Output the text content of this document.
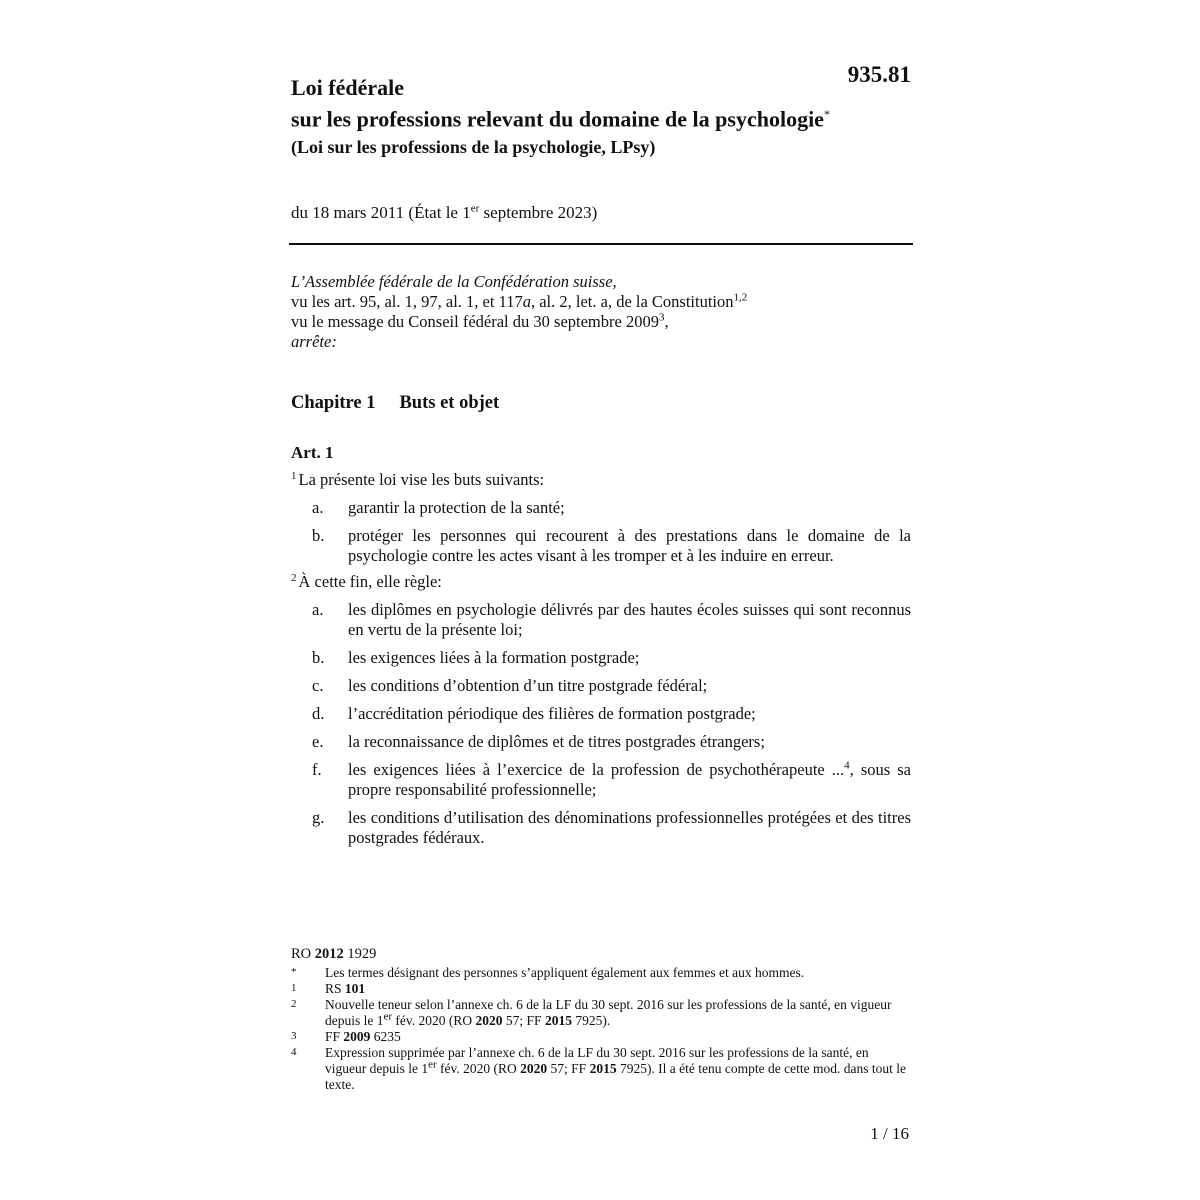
935.81
Loi fédérale
sur les professions relevant du domaine de la psychologie*
(Loi sur les professions de la psychologie, LPsy)
du 18 mars 2011 (État le 1er septembre 2023)
L’Assemblée fédérale de la Confédération suisse,
vu les art. 95, al. 1, 97, al. 1, et 117a, al. 2, let. a, de la Constitution$^{1,2}$
vu le message du Conseil fédéral du 30 septembre 2009$^3$,
arrête:
Chapitre 1 Buts et objet
Art. 1
$^1$ La présente loi vise les buts suivants:
a.	garantir la protection de la santé;
b.	protéger les personnes qui recourent à des prestations dans le domaine de la psychologie contre les actes visant à les tromper et à les induire en erreur.
$^2$ À cette fin, elle règle:
a.	les diplômes en psychologie délivrés par des hautes écoles suisses qui sont reconnus en vertu de la présente loi;
b.	les exigences liées à la formation postgrade;
c.	les conditions d’obtention d’un titre postgrade fédéral;
d.	l’accréditation périodique des filières de formation postgrade;
e.	la reconnaissance de diplômes et de titres postgrades étrangers;
f.	les exigences liées à l’exercice de la profession de psychothérapeute ...$^4$, sous sa propre responsabilité professionnelle;
g.	les conditions d’utilisation des dénominations professionnelles protégées et des titres postgrades fédéraux.
RO 2012 1929
*	Les termes désignant des personnes s’appliquent également aux femmes et aux hommes.
1	RS 101
2	Nouvelle teneur selon l’annexe ch. 6 de la LF du 30 sept. 2016 sur les professions de la santé, en vigueur depuis le 1er fév. 2020 (RO 2020 57; FF 2015 7925).
3	FF 2009 6235
4	Expression supprimée par l’annexe ch. 6 de la LF du 30 sept. 2016 sur les professions de la santé, en vigueur depuis le 1er fév. 2020 (RO 2020 57; FF 2015 7925). Il a été tenu compte de cette mod. dans tout le texte.
1 / 16
